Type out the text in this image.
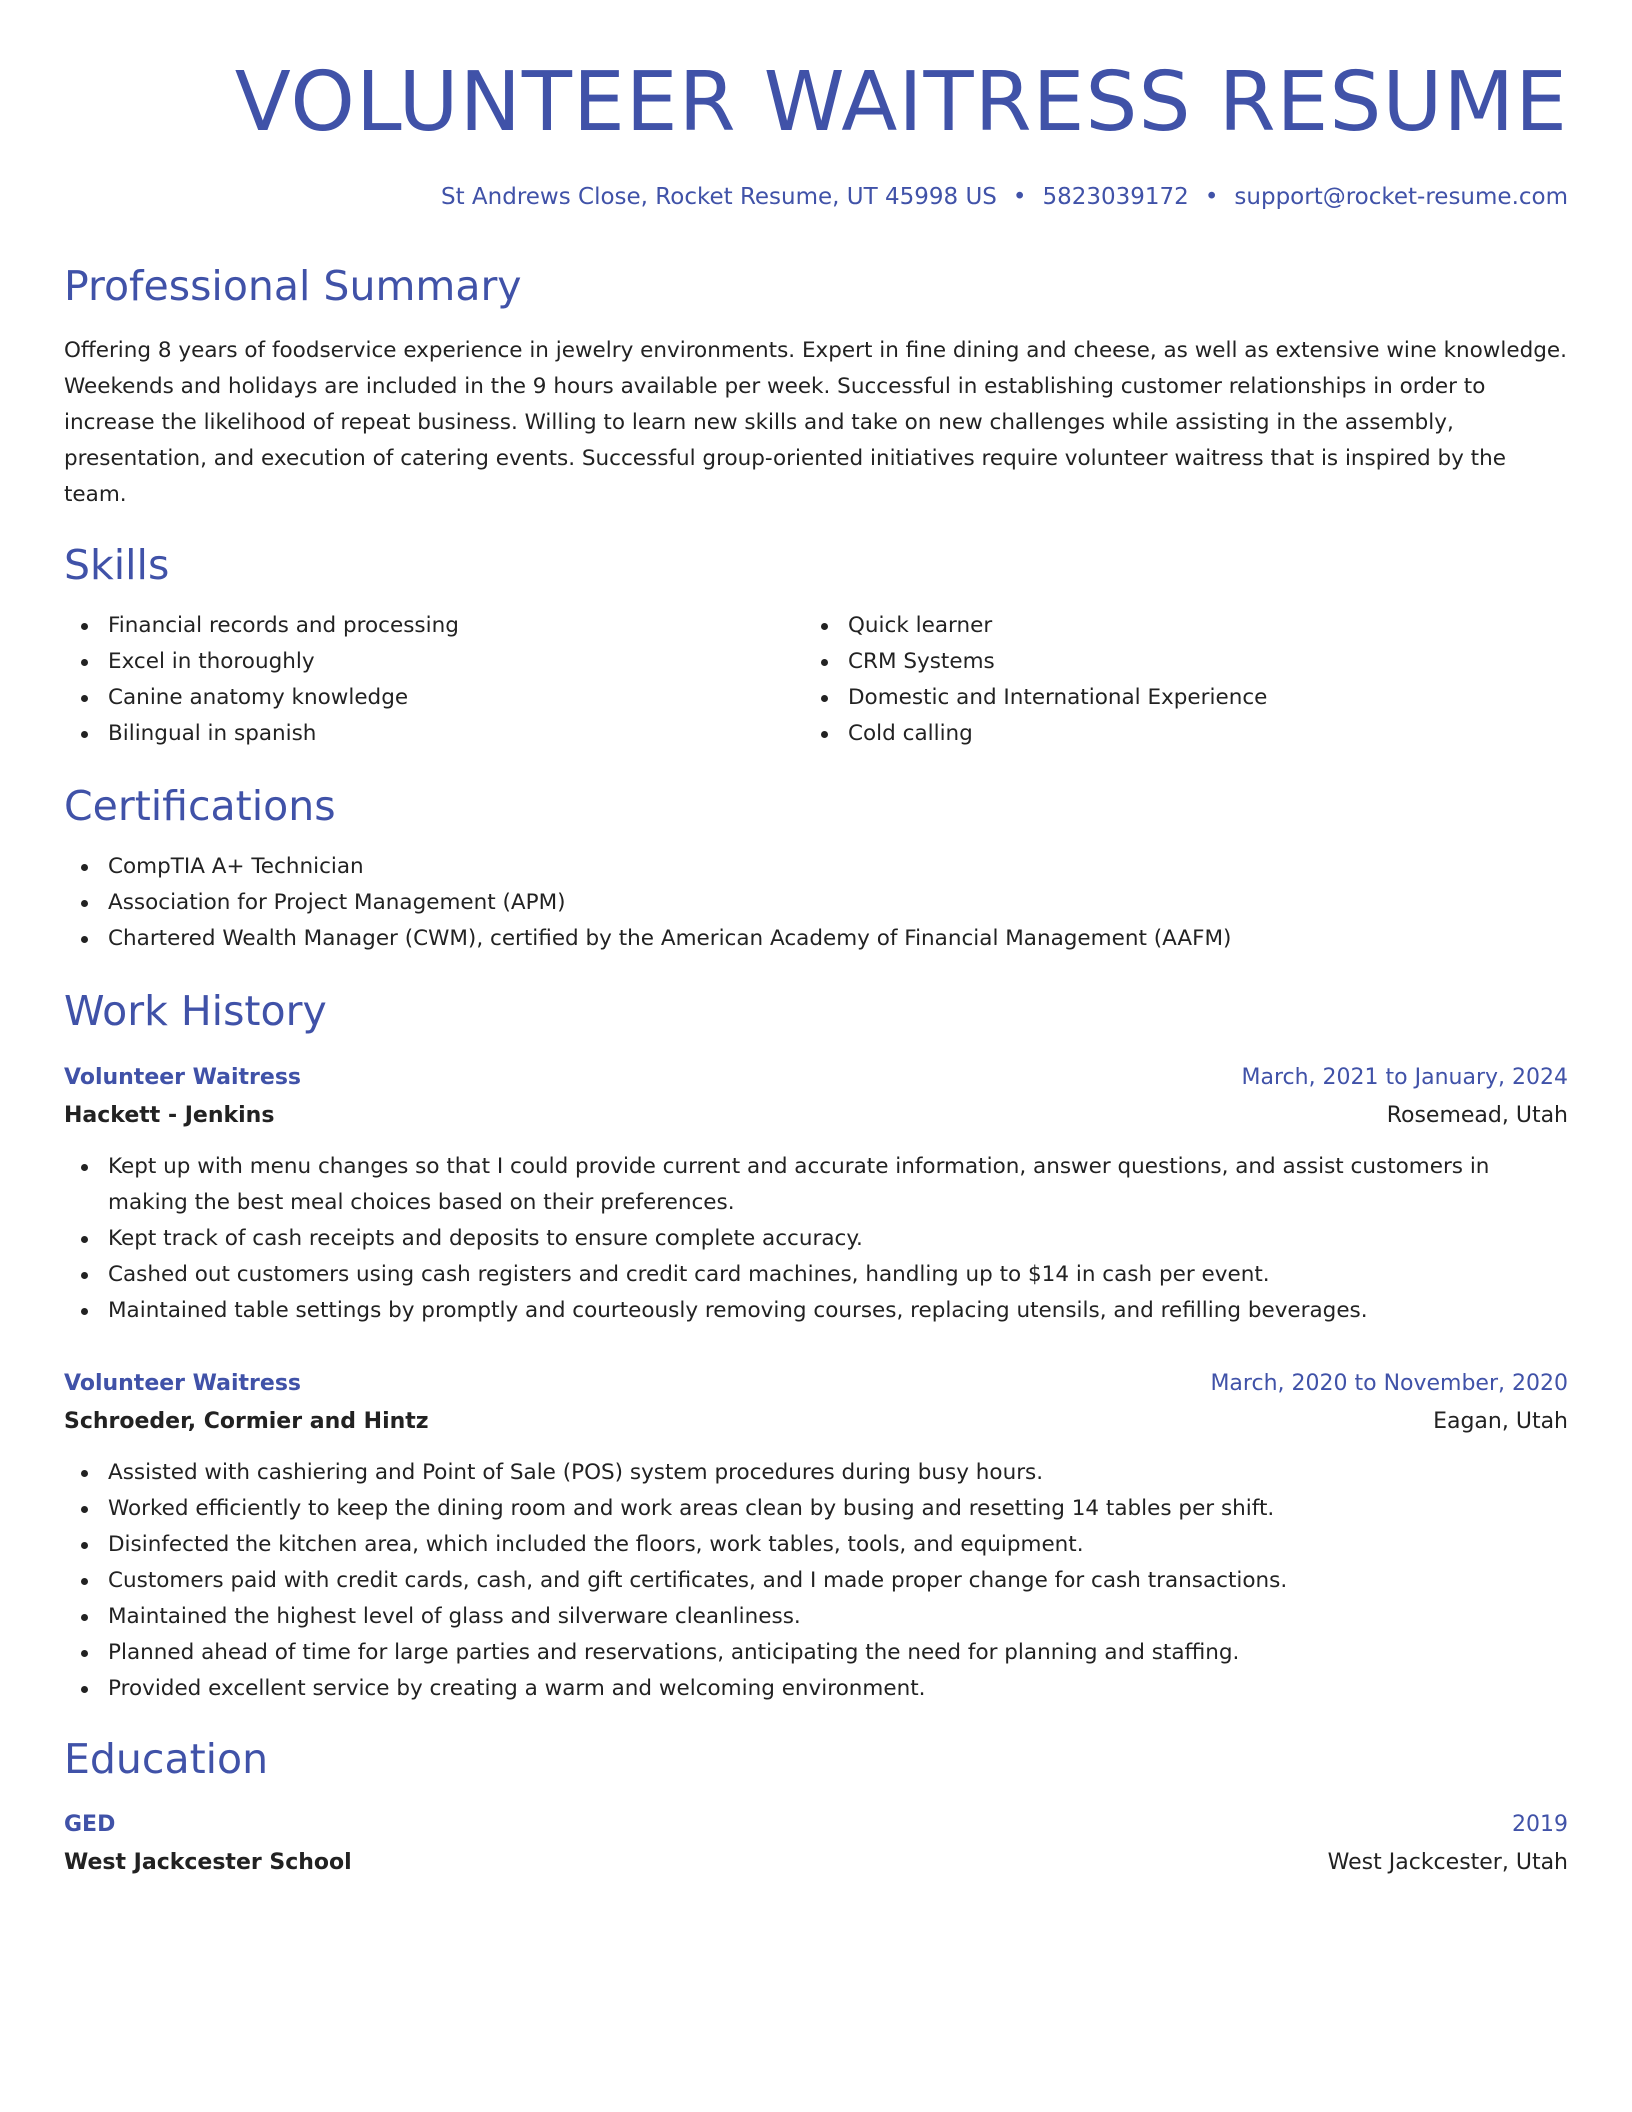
VOLUNTEER WAITRESS RESUME
St Andrews Close, Rocket Resume, UT 45998 US • 5823039172 • support@rocket-resume.com
Professional Summary
Offering 8 years of foodservice experience in jewelry environments. Expert in fine dining and cheese, as well as extensive wine knowledge. Weekends and holidays are included in the 9 hours available per week. Successful in establishing customer relationships in order to increase the likelihood of repeat business. Willing to learn new skills and take on new challenges while assisting in the assembly, presentation, and execution of catering events. Successful group-oriented initiatives require volunteer waitress that is inspired by the team.
Skills
Financial records and processing
Excel in thoroughly
Canine anatomy knowledge
Bilingual in spanish
Quick learner
CRM Systems
Domestic and International Experience
Cold calling
Certifications
CompTIA A+ Technician
Association for Project Management (APM)
Chartered Wealth Manager (CWM), certified by the American Academy of Financial Management (AAFM)
Work History
Volunteer Waitress	March, 2021 to January, 2024
Hackett - Jenkins	Rosemead, Utah
Kept up with menu changes so that I could provide current and accurate information, answer questions, and assist customers in making the best meal choices based on their preferences.
Kept track of cash receipts and deposits to ensure complete accuracy.
Cashed out customers using cash registers and credit card machines, handling up to $14 in cash per event.
Maintained table settings by promptly and courteously removing courses, replacing utensils, and refilling beverages.
Volunteer Waitress	March, 2020 to November, 2020
Schroeder, Cormier and Hintz	Eagan, Utah
Assisted with cashiering and Point of Sale (POS) system procedures during busy hours.
Worked efficiently to keep the dining room and work areas clean by busing and resetting 14 tables per shift.
Disinfected the kitchen area, which included the floors, work tables, tools, and equipment.
Customers paid with credit cards, cash, and gift certificates, and I made proper change for cash transactions.
Maintained the highest level of glass and silverware cleanliness.
Planned ahead of time for large parties and reservations, anticipating the need for planning and staffing.
Provided excellent service by creating a warm and welcoming environment.
Education
GED	2019
West Jackcester School	West Jackcester, Utah
